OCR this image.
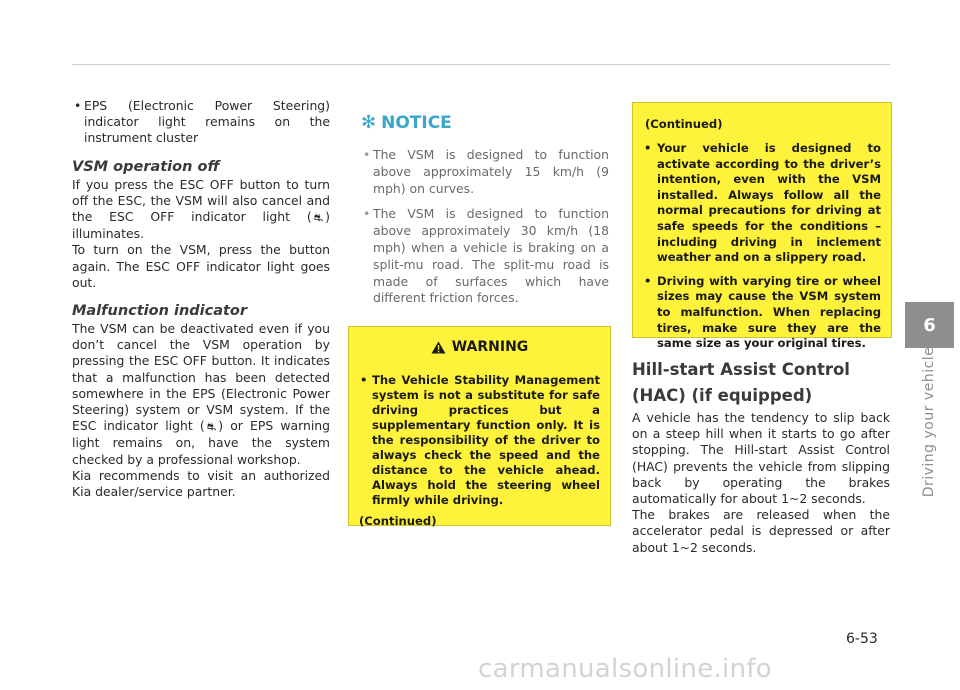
• EPS (Electronic Power Steering) indicator light remains on the instrument cluster

VSM operation off

If you press the ESC OFF button to turn off the ESC, the VSM will also cancel and the ESC OFF indicator light ( ⛐ ) illuminates.

To turn on the VSM, press the button again. The ESC OFF indicator light goes out.

Malfunction indicator

The VSM can be deactivated even if you don’t cancel the VSM operation by pressing the ESC OFF button. It indicates that a malfunction has been detected somewhere in the EPS (Electronic Power Steering) system or VSM system. If the ESC indicator light ( ⛐ ) or EPS warning light remains on, have the system checked by a professional workshop.

Kia recommends to visit an authorized Kia dealer/service partner.

✻ NOTICE

• The VSM is designed to function above approximately 15 km/h (9 mph) on curves.

• The VSM is designed to function above approximately 30 km/h (18 mph) when a vehicle is braking on a split-mu road. The split-mu road is made of surfaces which have different friction forces.

WARNING
• The Vehicle Stability Management system is not a substitute for safe driving practices but a supplementary function only. It is the responsibility of the driver to always check the speed and the distance to the vehicle ahead. Always hold the steering wheel firmly while driving.
(Continued)
(Continued)
• Your vehicle is designed to activate according to the driver’s intention, even with the VSM installed. Always follow all the normal precautions for driving at safe speeds for the conditions – including driving in inclement weather and on a slippery road.
• Driving with varying tire or wheel sizes may cause the VSM system to malfunction. When replacing tires, make sure they are the same size as your original tires.
Hill-start Assist Control (HAC) (if equipped)

A vehicle has the tendency to slip back on a steep hill when it starts to go after stopping. The Hill-start Assist Control (HAC) prevents the vehicle from slipping back by operating the brakes automatically for about 1~2 seconds.

The brakes are released when the accelerator pedal is depressed or after about 1~2 seconds.

6
Driving your vehicle
6-53
carmanualsonline.info
